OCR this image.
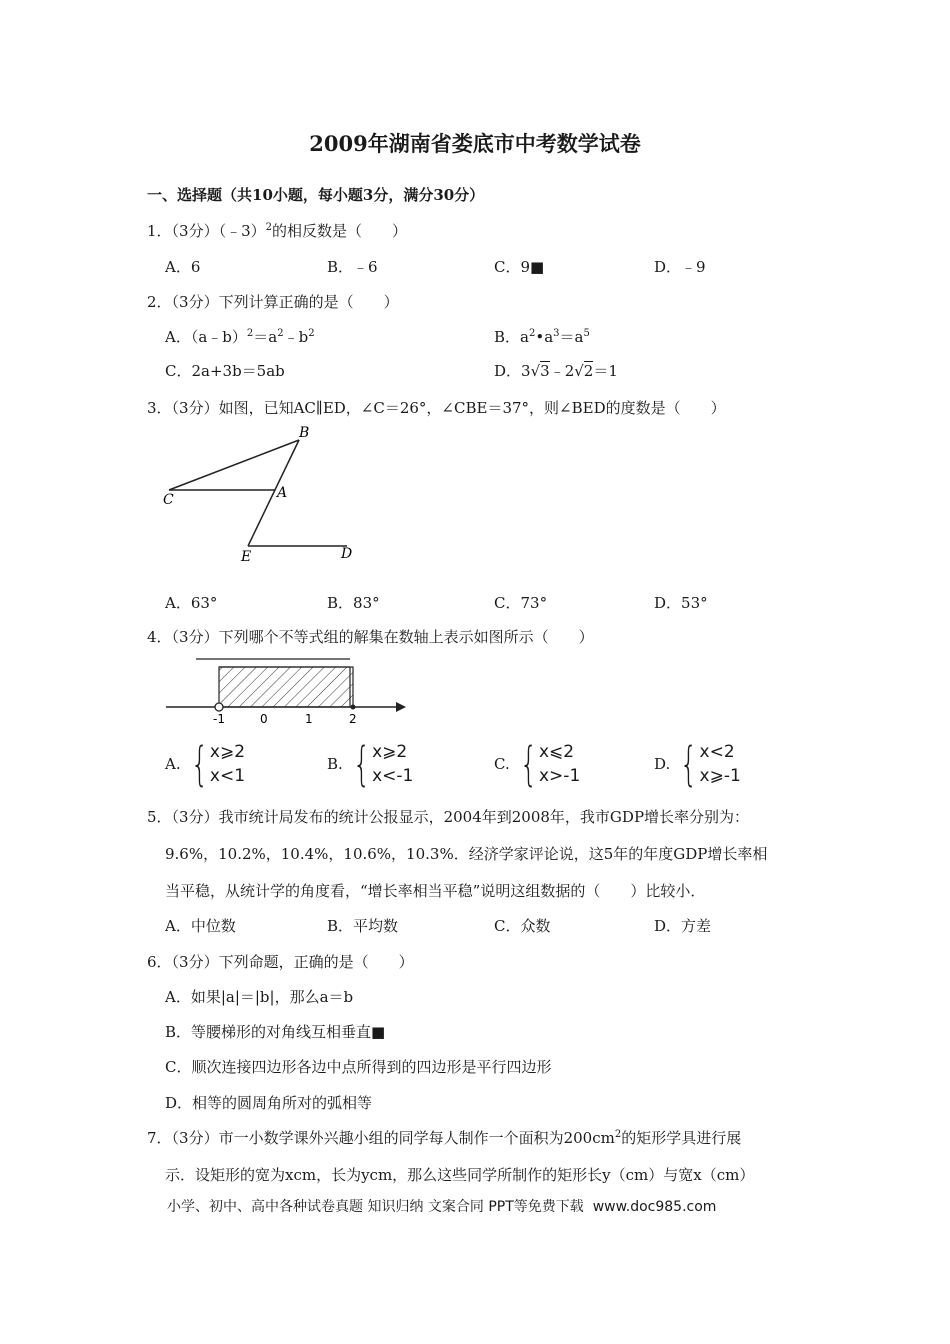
2009年湖南省娄底市中考数学试卷
一、选择题（共10小题，每小题3分，满分30分）
1．（3分）（﹣3）$^2$的相反数是（　　）
A．6	B．﹣6	C．9■	D．﹣9
2．（3分）下列计算正确的是（　　）
A．$(a﹣b)^2=a^2﹣b^2$	B．$a^2•a^3=a^5$
C．2a+3b＝5ab	D．3√3﹣2√2＝1
3．（3分）如图，已知AC∥ED，∠C＝26°，∠CBE＝37°，则∠BED的度数是（　　）
B
C	A
E	D
A．63°	B．83°	C．73°	D．53°
4．（3分）下列哪个不等式组的解集在数轴上表示如图所示（　　）
-1	0	1	2
A. { x⩾2
x<1
B. { x⩾2
x<-1
C. { x⩽2
x>-1
D. { x<2
x⩾-1
5．（3分）我市统计局发布的统计公报显示，2004年到2008年，我市GDP增长率分别为：
9.6%，10.2%，10.4%，10.6%，10.3%．经济学家评论说，这5年的年度GDP增长率相
当平稳，从统计学的角度看，“增长率相当平稳”说明这组数据的（　　）比较小．
A．中位数	B．平均数	C．众数	D．方差
6．（3分）下列命题，正确的是（　　）
A．如果|a|＝|b|，那么a＝b
B．等腰梯形的对角线互相垂直■
C．顺次连接四边形各边中点所得到的四边形是平行四边形
D．相等的圆周角所对的弧相等
7．（3分）市一小数学课外兴趣小组的同学每人制作一个面积为$200cm^2$的矩形学具进行展
示．设矩形的宽为xcm，长为ycm，那么这些同学所制作的矩形长y（cm）与宽x（cm）
小学、初中、高中各种试卷真题 知识归纳 文案合同 PPT等免费下载 www.doc985.com
